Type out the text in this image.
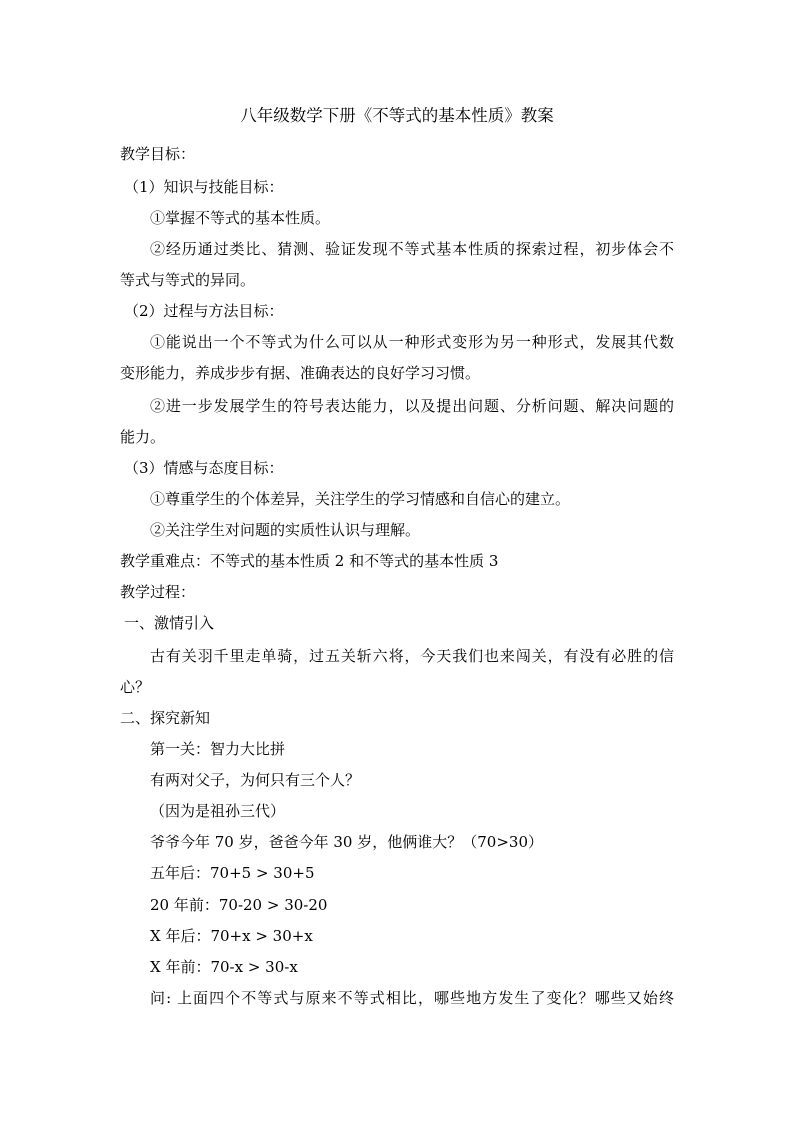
八年级数学下册《不等式的基本性质》教案
教学目标：
（1）知识与技能目标：
①掌握不等式的基本性质。
②经历通过类比、猜测、验证发现不等式基本性质的探索过程，初步体会不
等式与等式的异同。
（2）过程与方法目标：
①能说出一个不等式为什么可以从一种形式变形为另一种形式，发展其代数
变形能力，养成步步有据、准确表达的良好学习习惯。
②进一步发展学生的符号表达能力，以及提出问题、分析问题、解决问题的
能力。
（3）情感与态度目标：
①尊重学生的个体差异，关注学生的学习情感和自信心的建立。
②关注学生对问题的实质性认识与理解。
教学重难点：不等式的基本性质 2 和不等式的基本性质 3
教学过程：
一、激情引入
古有关羽千里走单骑，过五关斩六将，今天我们也来闯关，有没有必胜的信
心？
二、探究新知
第一关：智力大比拼
有两对父子，为何只有三个人？
（因为是祖孙三代）
爷爷今年 70 岁，爸爸今年 30 岁，他俩谁大？（70>30）
五年后：70+5 > 30+5
20 年前：70-20 > 30-20
X 年后：70+x > 30+x
X 年前：70-x > 30-x
问: 上面四个不等式与原来不等式相比，哪些地方发生了变化？哪些又始终
